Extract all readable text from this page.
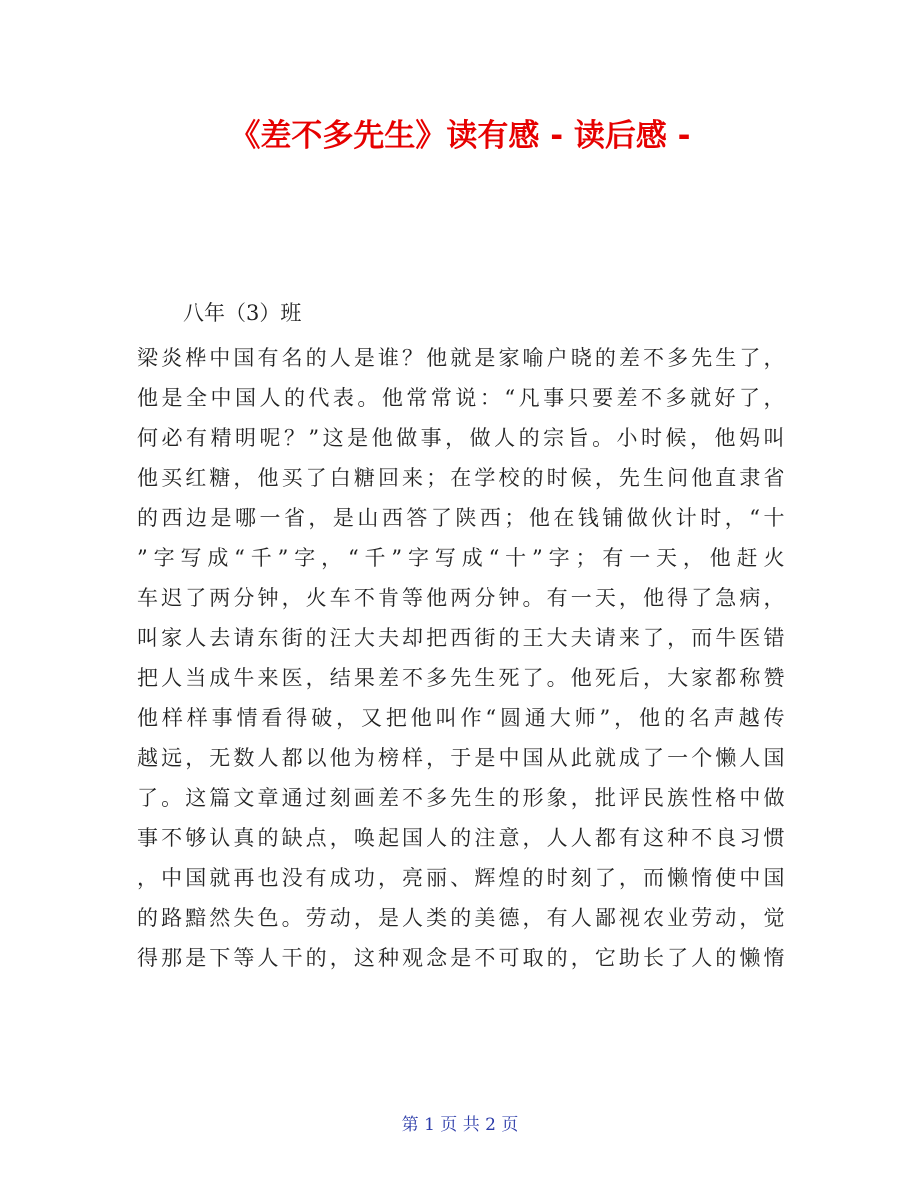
《差不多先生》读有感 - 读后感 -

八年（3）班

梁炎桦中国有名的人是谁？他就是家喻户晓的差不多先生了，
他是全中国人的代表。他常常说：“凡事只要差不多就好了，
何必有精明呢？”这是他做事，做人的宗旨。小时候，他妈叫
他买红糖，他买了白糖回来；在学校的时候，先生问他直隶省
的西边是哪一省，是山西答了陕西；他在钱铺做伙计时，“十
”字写成“千”字，“千”字写成“十”字；有一天，他赶火
车迟了两分钟，火车不肯等他两分钟。有一天，他得了急病，
叫家人去请东街的汪大夫却把西街的王大夫请来了，而牛医错
把人当成牛来医，结果差不多先生死了。他死后，大家都称赞
他样样事情看得破，又把他叫作“圆通大师”，他的名声越传
越远，无数人都以他为榜样，于是中国从此就成了一个懒人国
了。这篇文章通过刻画差不多先生的形象，批评民族性格中做
事不够认真的缺点，唤起国人的注意，人人都有这种不良习惯
，中国就再也没有成功，亮丽、辉煌的时刻了，而懒惰使中国
的路黯然失色。劳动，是人类的美德，有人鄙视农业劳动，觉
得那是下等人干的，这种观念是不可取的，它助长了人的懒惰

第 1 页 共 2 页
